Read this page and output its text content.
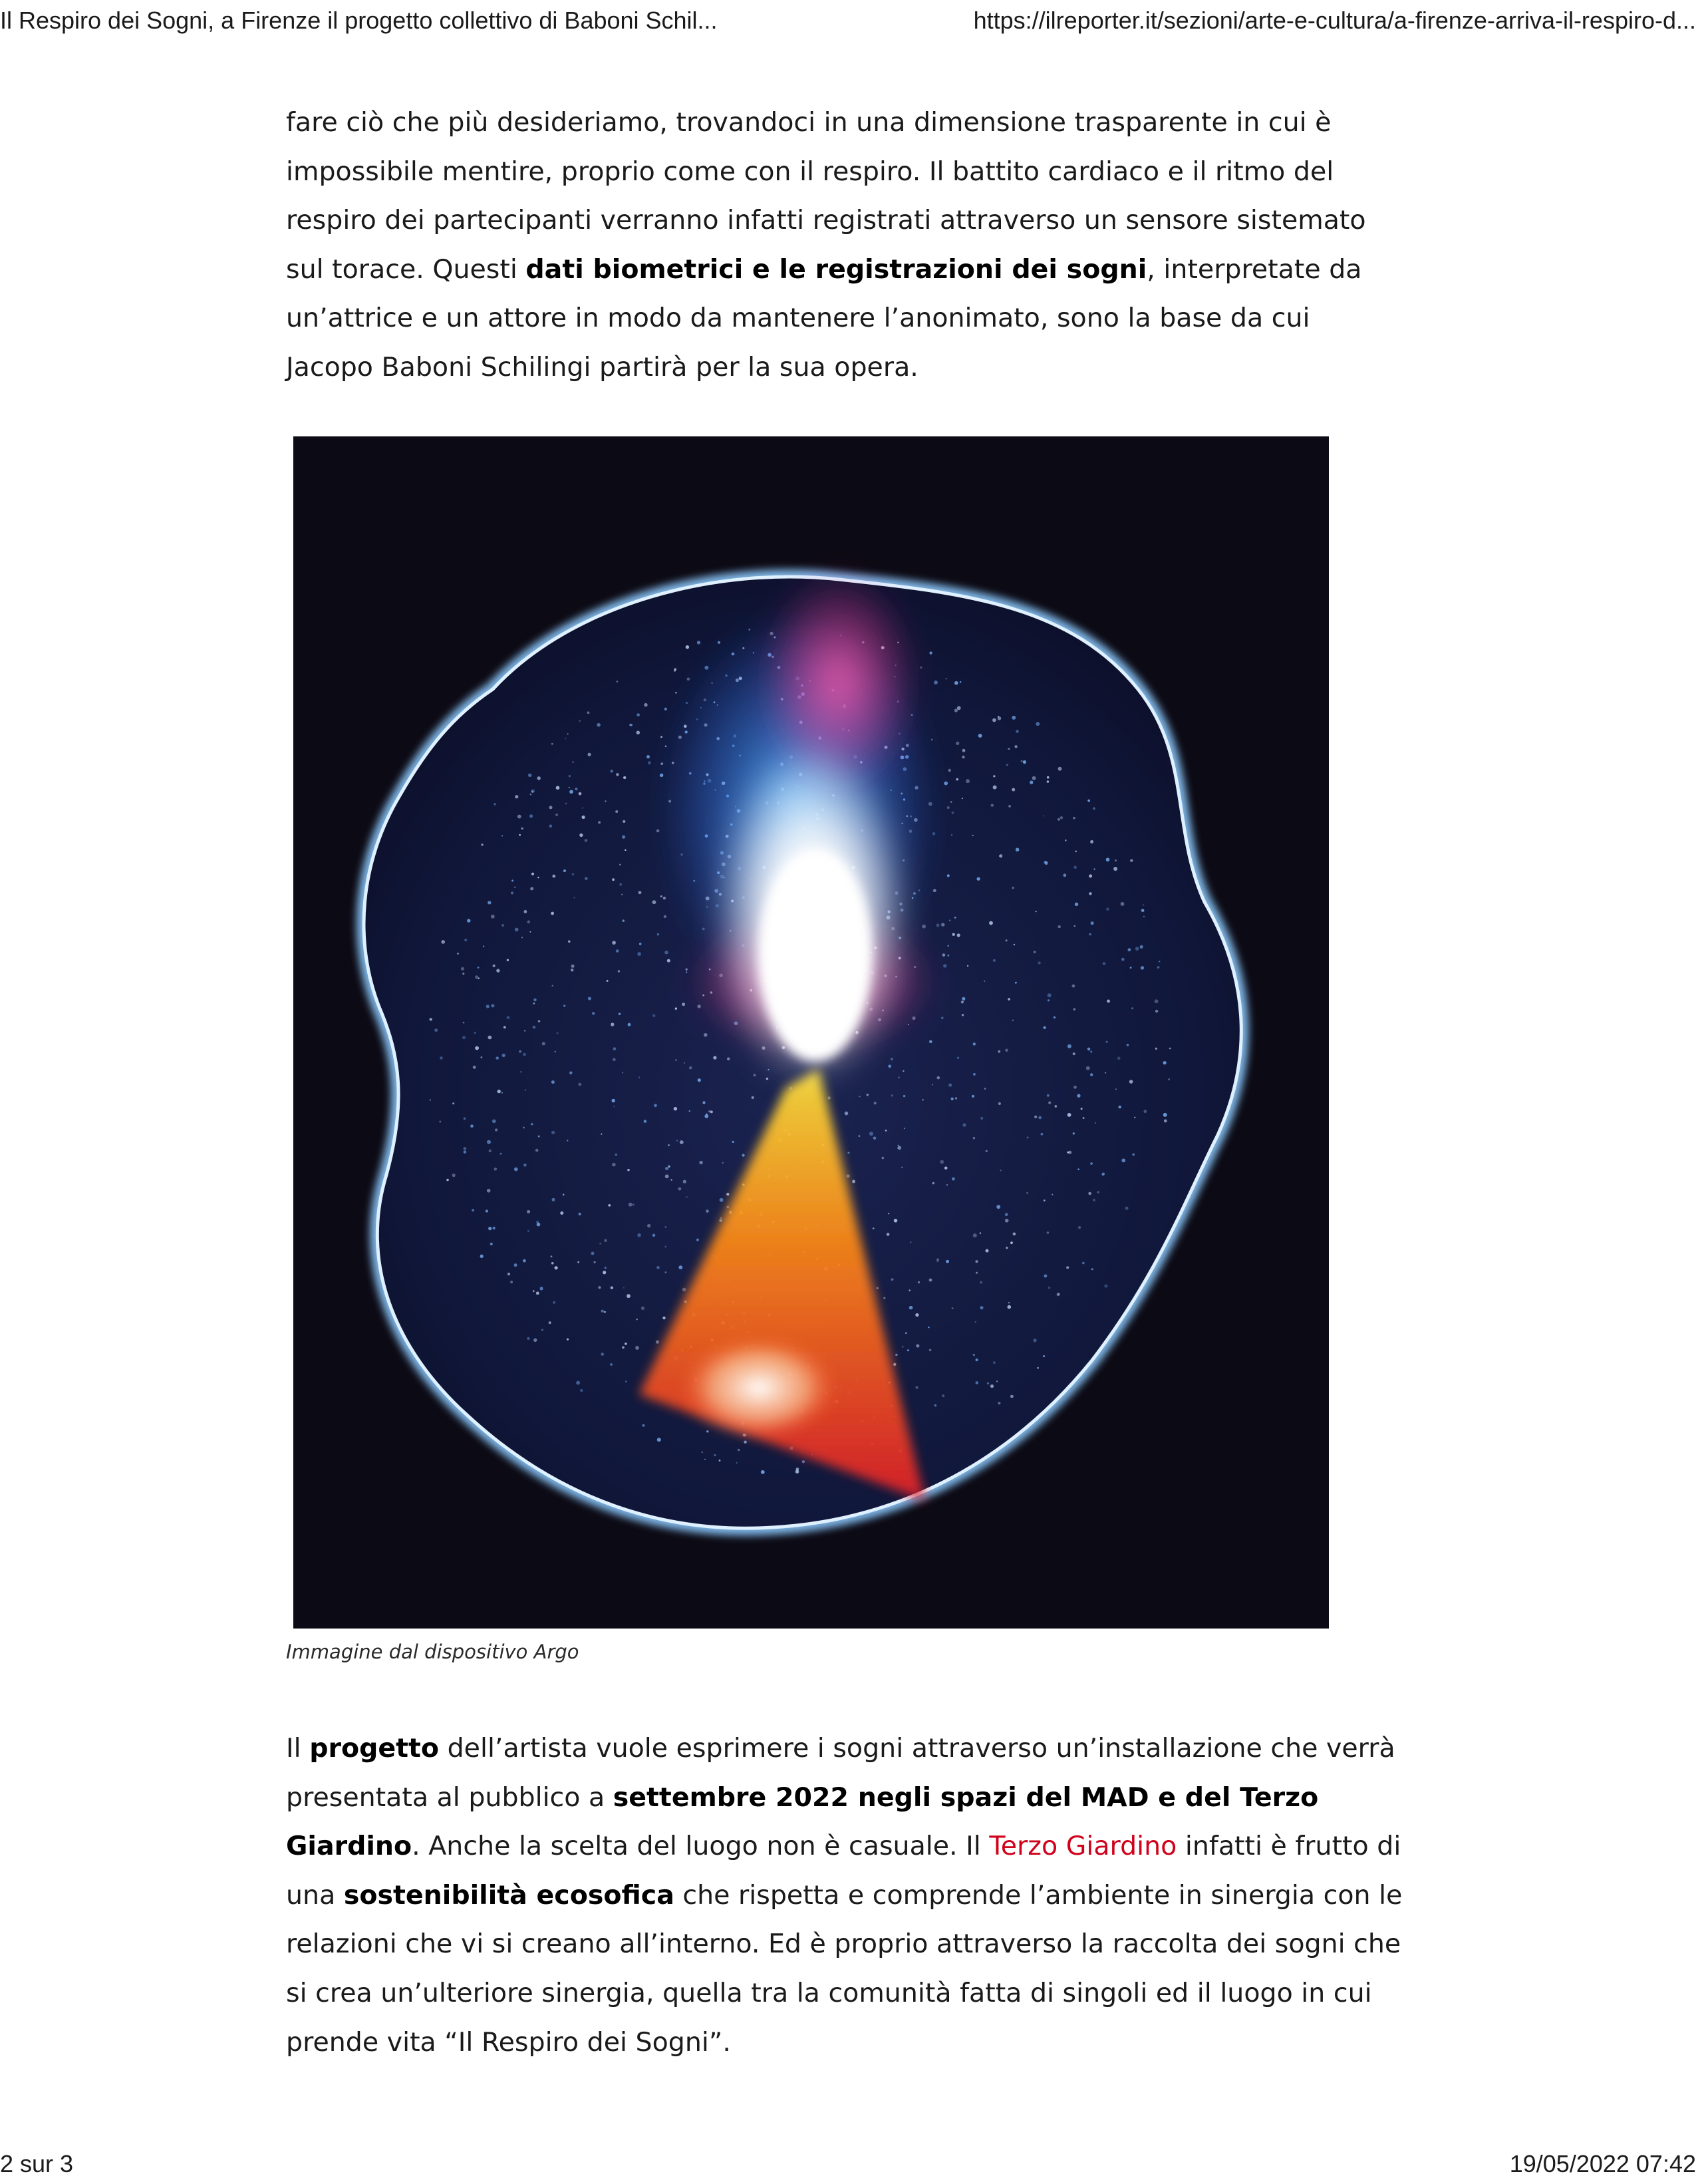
Il Respiro dei Sogni, a Firenze il progetto collettivo di Baboni Schil...	https://ilreporter.it/sezioni/arte-e-cultura/a-firenze-arriva-il-respiro-d...

fare ciò che più desideriamo, trovandoci in una dimensione trasparente in cui è impossibile mentire, proprio come con il respiro. Il battito cardiaco e il ritmo del respiro dei partecipanti verranno infatti registrati attraverso un sensore sistemato sul torace. Questi dati biometrici e le registrazioni dei sogni, interpretate da un’attrice e un attore in modo da mantenere l’anonimato, sono la base da cui Jacopo Baboni Schilingi partirà per la sua opera.

Immagine dal dispositivo Argo

Il progetto dell’artista vuole esprimere i sogni attraverso un’installazione che verrà presentata al pubblico a settembre 2022 negli spazi del MAD e del Terzo Giardino. Anche la scelta del luogo non è casuale. Il Terzo Giardino infatti è frutto di una sostenibilità ecosofica che rispetta e comprende l’ambiente in sinergia con le relazioni che vi si creano all’interno. Ed è proprio attraverso la raccolta dei sogni che si crea un’ulteriore sinergia, quella tra la comunità fatta di singoli ed il luogo in cui prende vita “Il Respiro dei Sogni”.

2 sur 3	19/05/2022 07:42
